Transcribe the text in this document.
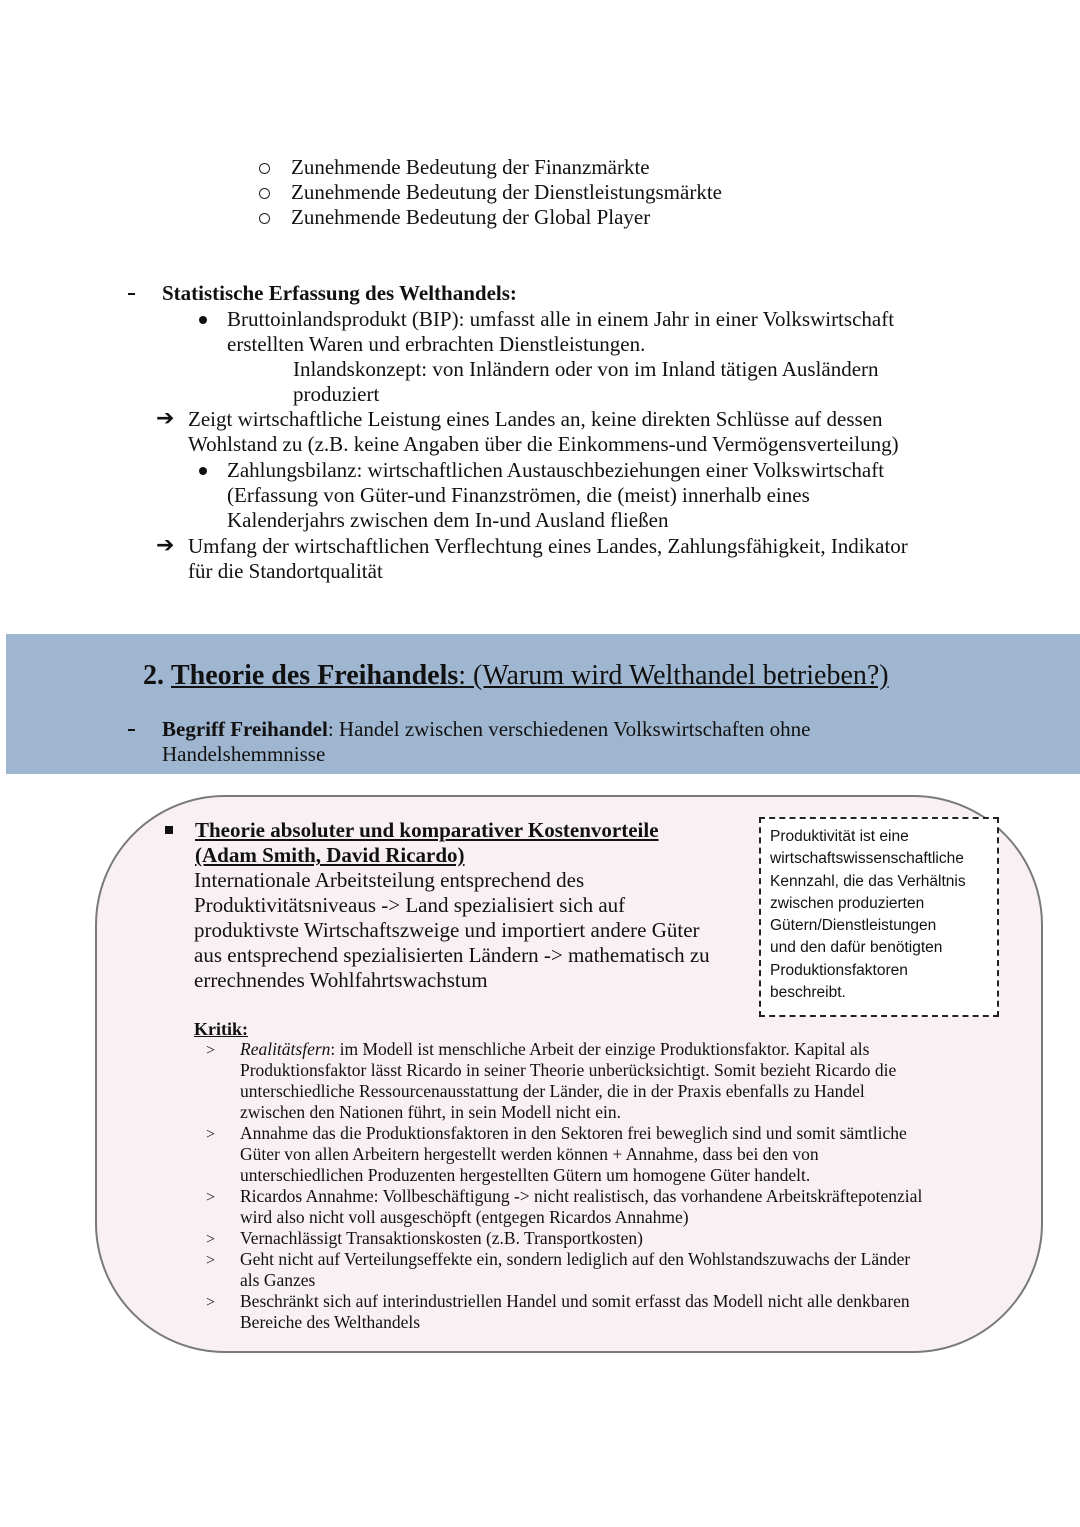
Zunehmende Bedeutung der Finanzmärkte
Zunehmende Bedeutung der Dienstleistungsmärkte
Zunehmende Bedeutung der Global Player
Statistische Erfassung des Welthandels:
Bruttoinlandsprodukt (BIP): umfasst alle in einem Jahr in einer Volkswirtschaft
erstellten Waren und erbrachten Dienstleistungen.
Inlandskonzept: von Inländern oder von im Inland tätigen Ausländern
produziert
➔ Zeigt wirtschaftliche Leistung eines Landes an, keine direkten Schlüsse auf dessen
Wohlstand zu (z.B. keine Angaben über die Einkommens-und Vermögensverteilung)
Zahlungsbilanz: wirtschaftlichen Austauschbeziehungen einer Volkswirtschaft
(Erfassung von Güter-und Finanzströmen, die (meist) innerhalb eines
Kalenderjahrs zwischen dem In-und Ausland fließen
➔ Umfang der wirtschaftlichen Verflechtung eines Landes, Zahlungsfähigkeit, Indikator
für die Standortqualität
2. Theorie des Freihandels: (Warum wird Welthandel betrieben?)
Begriff Freihandel: Handel zwischen verschiedenen Volkswirtschaften ohne
Handelshemmnisse
Theorie absoluter und komparativer Kostenvorteile
(Adam Smith, David Ricardo)
Internationale Arbeitsteilung entsprechend des
Produktivitätsniveaus -> Land spezialisiert sich auf
produktivste Wirtschaftszweige und importiert andere Güter
aus entsprechend spezialisierten Ländern -> mathematisch zu
errechnendes Wohlfahrtswachstum
Produktivität ist eine
wirtschaftswissenschaftliche
Kennzahl, die das Verhältnis
zwischen produzierten
Gütern/Dienstleistungen
und den dafür benötigten
Produktionsfaktoren
beschreibt.
Kritik:
> Realitätsfern: im Modell ist menschliche Arbeit der einzige Produktionsfaktor. Kapital als
Produktionsfaktor lässt Ricardo in seiner Theorie unberücksichtigt. Somit bezieht Ricardo die
unterschiedliche Ressourcenausstattung der Länder, die in der Praxis ebenfalls zu Handel
zwischen den Nationen führt, in sein Modell nicht ein.
> Annahme das die Produktionsfaktoren in den Sektoren frei beweglich sind und somit sämtliche
Güter von allen Arbeitern hergestellt werden können + Annahme, dass bei den von
unterschiedlichen Produzenten hergestellten Gütern um homogene Güter handelt.
> Ricardos Annahme: Vollbeschäftigung -> nicht realistisch, das vorhandene Arbeitskräftepotenzial
wird also nicht voll ausgeschöpft (entgegen Ricardos Annahme)
> Vernachlässigt Transaktionskosten (z.B. Transportkosten)
> Geht nicht auf Verteilungseffekte ein, sondern lediglich auf den Wohlstandszuwachs der Länder
als Ganzes
> Beschränkt sich auf interindustriellen Handel und somit erfasst das Modell nicht alle denkbaren
Bereiche des Welthandels
